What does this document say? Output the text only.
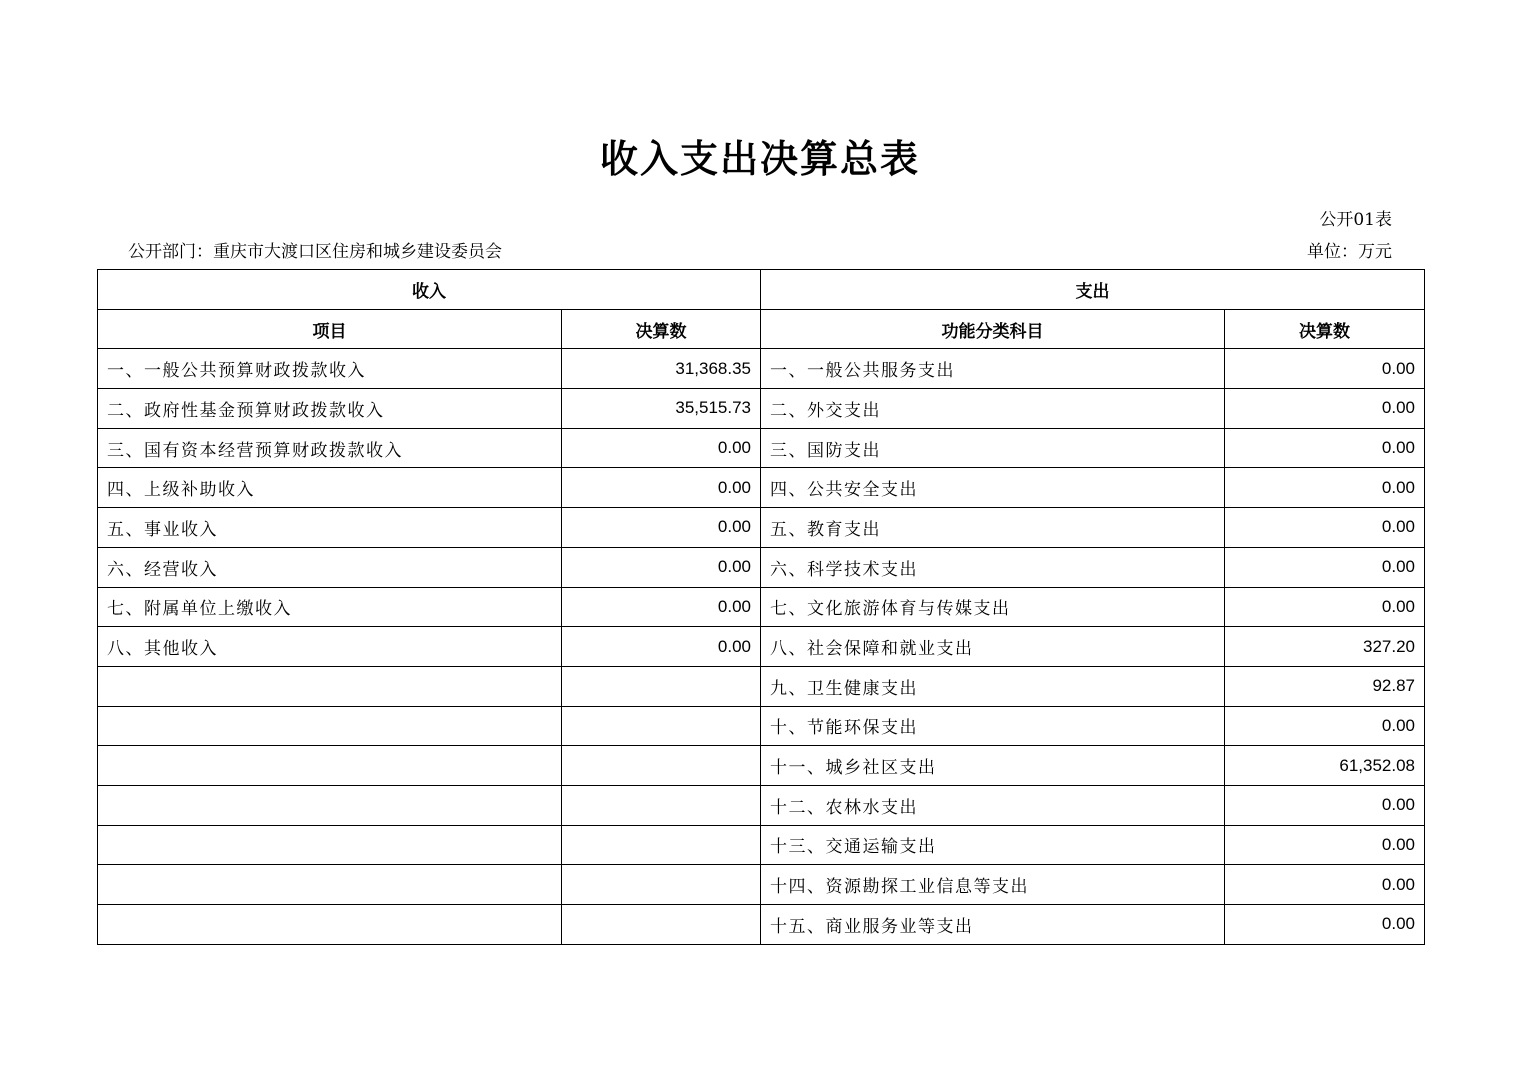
收入支出决算总表
公开01表
公开部门：重庆市大渡口区住房和城乡建设委员会	单位：万元
收入		支出	
项目	决算数	功能分类科目	决算数
一、一般公共预算财政拨款收入	31,368.35	一、一般公共服务支出	0.00
二、政府性基金预算财政拨款收入	35,515.73	二、外交支出	0.00
三、国有资本经营预算财政拨款收入	0.00	三、国防支出	0.00
四、上级补助收入	0.00	四、公共安全支出	0.00
五、事业收入	0.00	五、教育支出	0.00
六、经营收入	0.00	六、科学技术支出	0.00
七、附属单位上缴收入	0.00	七、文化旅游体育与传媒支出	0.00
八、其他收入	0.00	八、社会保障和就业支出	327.20
		九、卫生健康支出	92.87
		十、节能环保支出	0.00
		十一、城乡社区支出	61,352.08
		十二、农林水支出	0.00
		十三、交通运输支出	0.00
		十四、资源勘探工业信息等支出	0.00
		十五、商业服务业等支出	0.00
